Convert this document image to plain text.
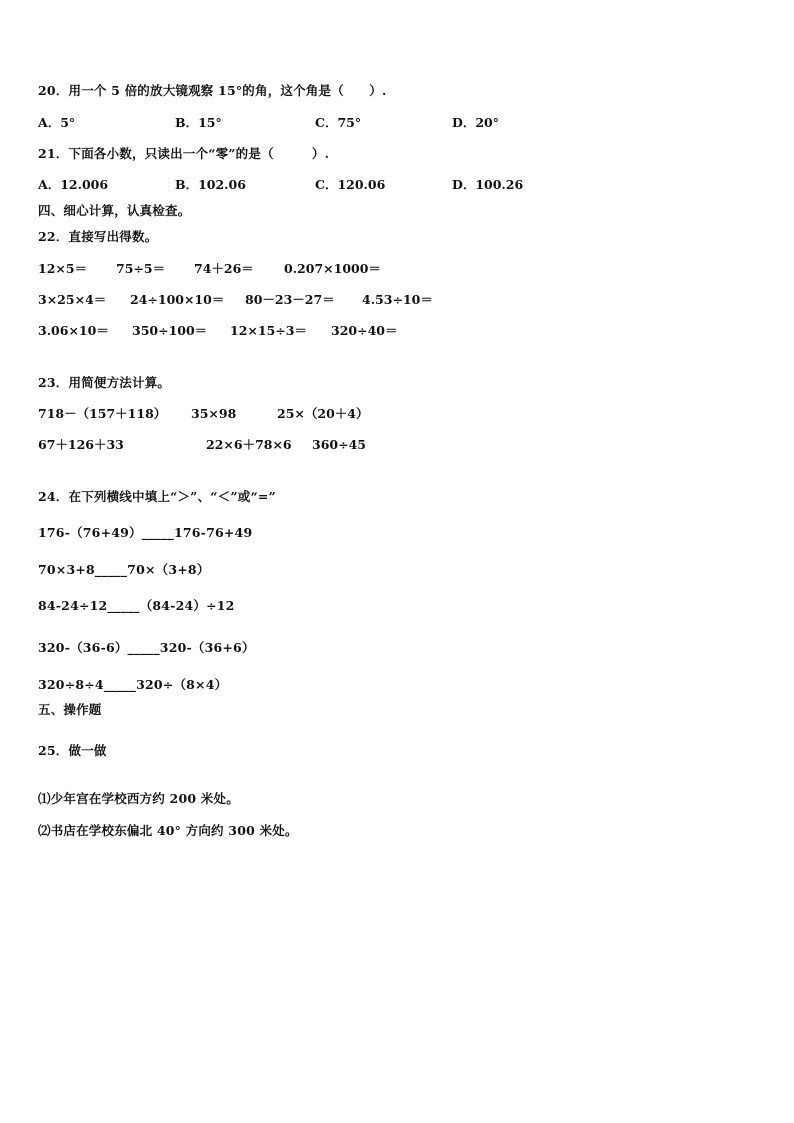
20．用一个 5 倍的放大镜观察 15°的角，这个角是（　　）.
A．5°	B．15°	C．75°	D．20°
21．下面各小数，只读出一个“零”的是（　　　）.
A．12.006	B．102.06	C．120.06	D．100.26
四、细心计算，认真检查。
22．直接写出得数。
12×5＝ 75÷5＝ 74＋26＝ 0.207×1000＝
3×25×4＝ 24÷100×10＝ 80－23－27＝ 4.53÷10＝
3.06×10＝ 350÷100＝ 12×15÷3＝ 320÷40＝
23．用简便方法计算。
718－（157＋118） 35×98	25×（20＋4）
67＋126＋33	22×6＋78×6 360÷45
24．在下列横线中填上“＞”、“＜”或“=”
176-（76+49）_____176-76+49
70×3+8_____70×（3+8）
84-24÷12_____（84-24）÷12
320-（36-6）_____320-（36+6）
320÷8÷4_____320÷（8×4）
五、操作题
25．做一做
⑴少年宫在学校西方约 200 米处。
⑵书店在学校东偏北 40° 方向约 300 米处。
